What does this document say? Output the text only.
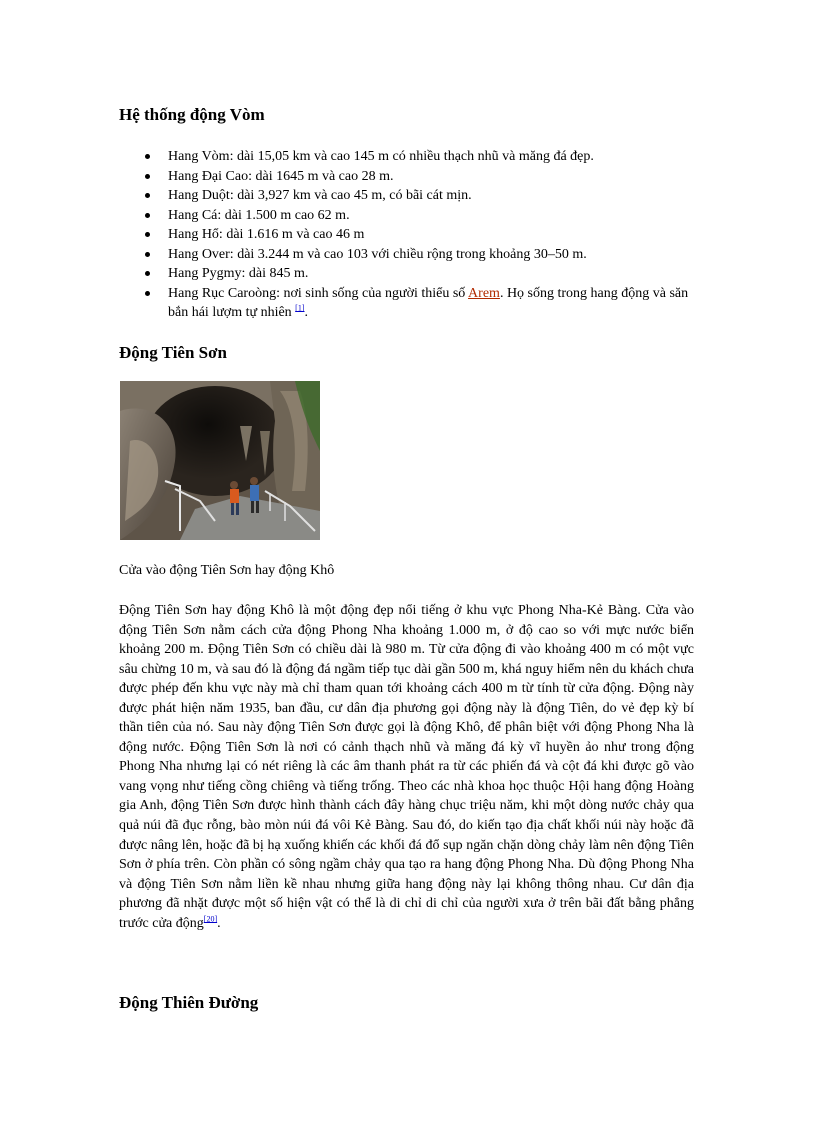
Hệ thống động Vòm
Hang Vòm: dài 15,05 km và cao 145 m có nhiều thạch nhũ và măng đá đẹp.
Hang Đại Cao: dài 1645 m và cao 28 m.
Hang Duột: dài 3,927 km và cao 45 m, có bãi cát mịn.
Hang Cá: dài 1.500 m cao 62 m.
Hang Hổ: dài 1.616 m và cao 46 m
Hang Over: dài 3.244 m và cao 103 với chiều rộng trong khoảng 30–50 m.
Hang Pygmy: dài 845 m.
Hang Rục Caroòng: nơi sinh sống của người thiểu số Arem. Họ sống trong hang động và săn bắn hái lượm tự nhiên [1].
Động Tiên Sơn
Cửa vào động Tiên Sơn hay động Khô

Động Tiên Sơn hay động Khô là một động đẹp nổi tiếng ở khu vực Phong Nha-Kẻ Bàng. Cửa vào động Tiên Sơn nằm cách cửa động Phong Nha khoảng 1.000 m, ở độ cao so với mực nước biển khoảng 200 m. Động Tiên Sơn có chiều dài là 980 m. Từ cửa động đi vào khoảng 400 m có một vực sâu chừng 10 m, và sau đó là động đá ngầm tiếp tục dài gần 500 m, khá nguy hiểm nên du khách chưa được phép đến khu vực này mà chỉ tham quan tới khoảng cách 400 m từ tính từ cửa động. Động này được phát hiện năm 1935, ban đầu, cư dân địa phương gọi động này là động Tiên, do vẻ đẹp kỳ bí thần tiên của nó. Sau này động Tiên Sơn được gọi là động Khô, để phân biệt với động Phong Nha là động nước. Động Tiên Sơn là nơi có cảnh thạch nhũ và măng đá kỳ vĩ huyền ảo như trong động Phong Nha nhưng lại có nét riêng là các âm thanh phát ra từ các phiến đá và cột đá khi được gõ vào vang vọng như tiếng cồng chiêng và tiếng trống. Theo các nhà khoa học thuộc Hội hang động Hoàng gia Anh, động Tiên Sơn được hình thành cách đây hàng chục triệu năm, khi một dòng nước chảy qua quả núi đã đục rỗng, bào mòn núi đá vôi Kẻ Bàng. Sau đó, do kiến tạo địa chất khối núi này hoặc đã được nâng lên, hoặc đã bị hạ xuống khiến các khối đá đổ sụp ngăn chặn dòng chảy làm nên động Tiên Sơn ở phía trên. Còn phần có sông ngầm chảy qua tạo ra hang động Phong Nha. Dù động Phong Nha và động Tiên Sơn nằm liền kề nhau nhưng giữa hang động này lại không thông nhau. Cư dân địa phương đã nhặt được một số hiện vật có thể là di chỉ di chỉ của người xưa ở trên bãi đất bằng phẳng trước cửa động[20].

Động Thiên Đường
